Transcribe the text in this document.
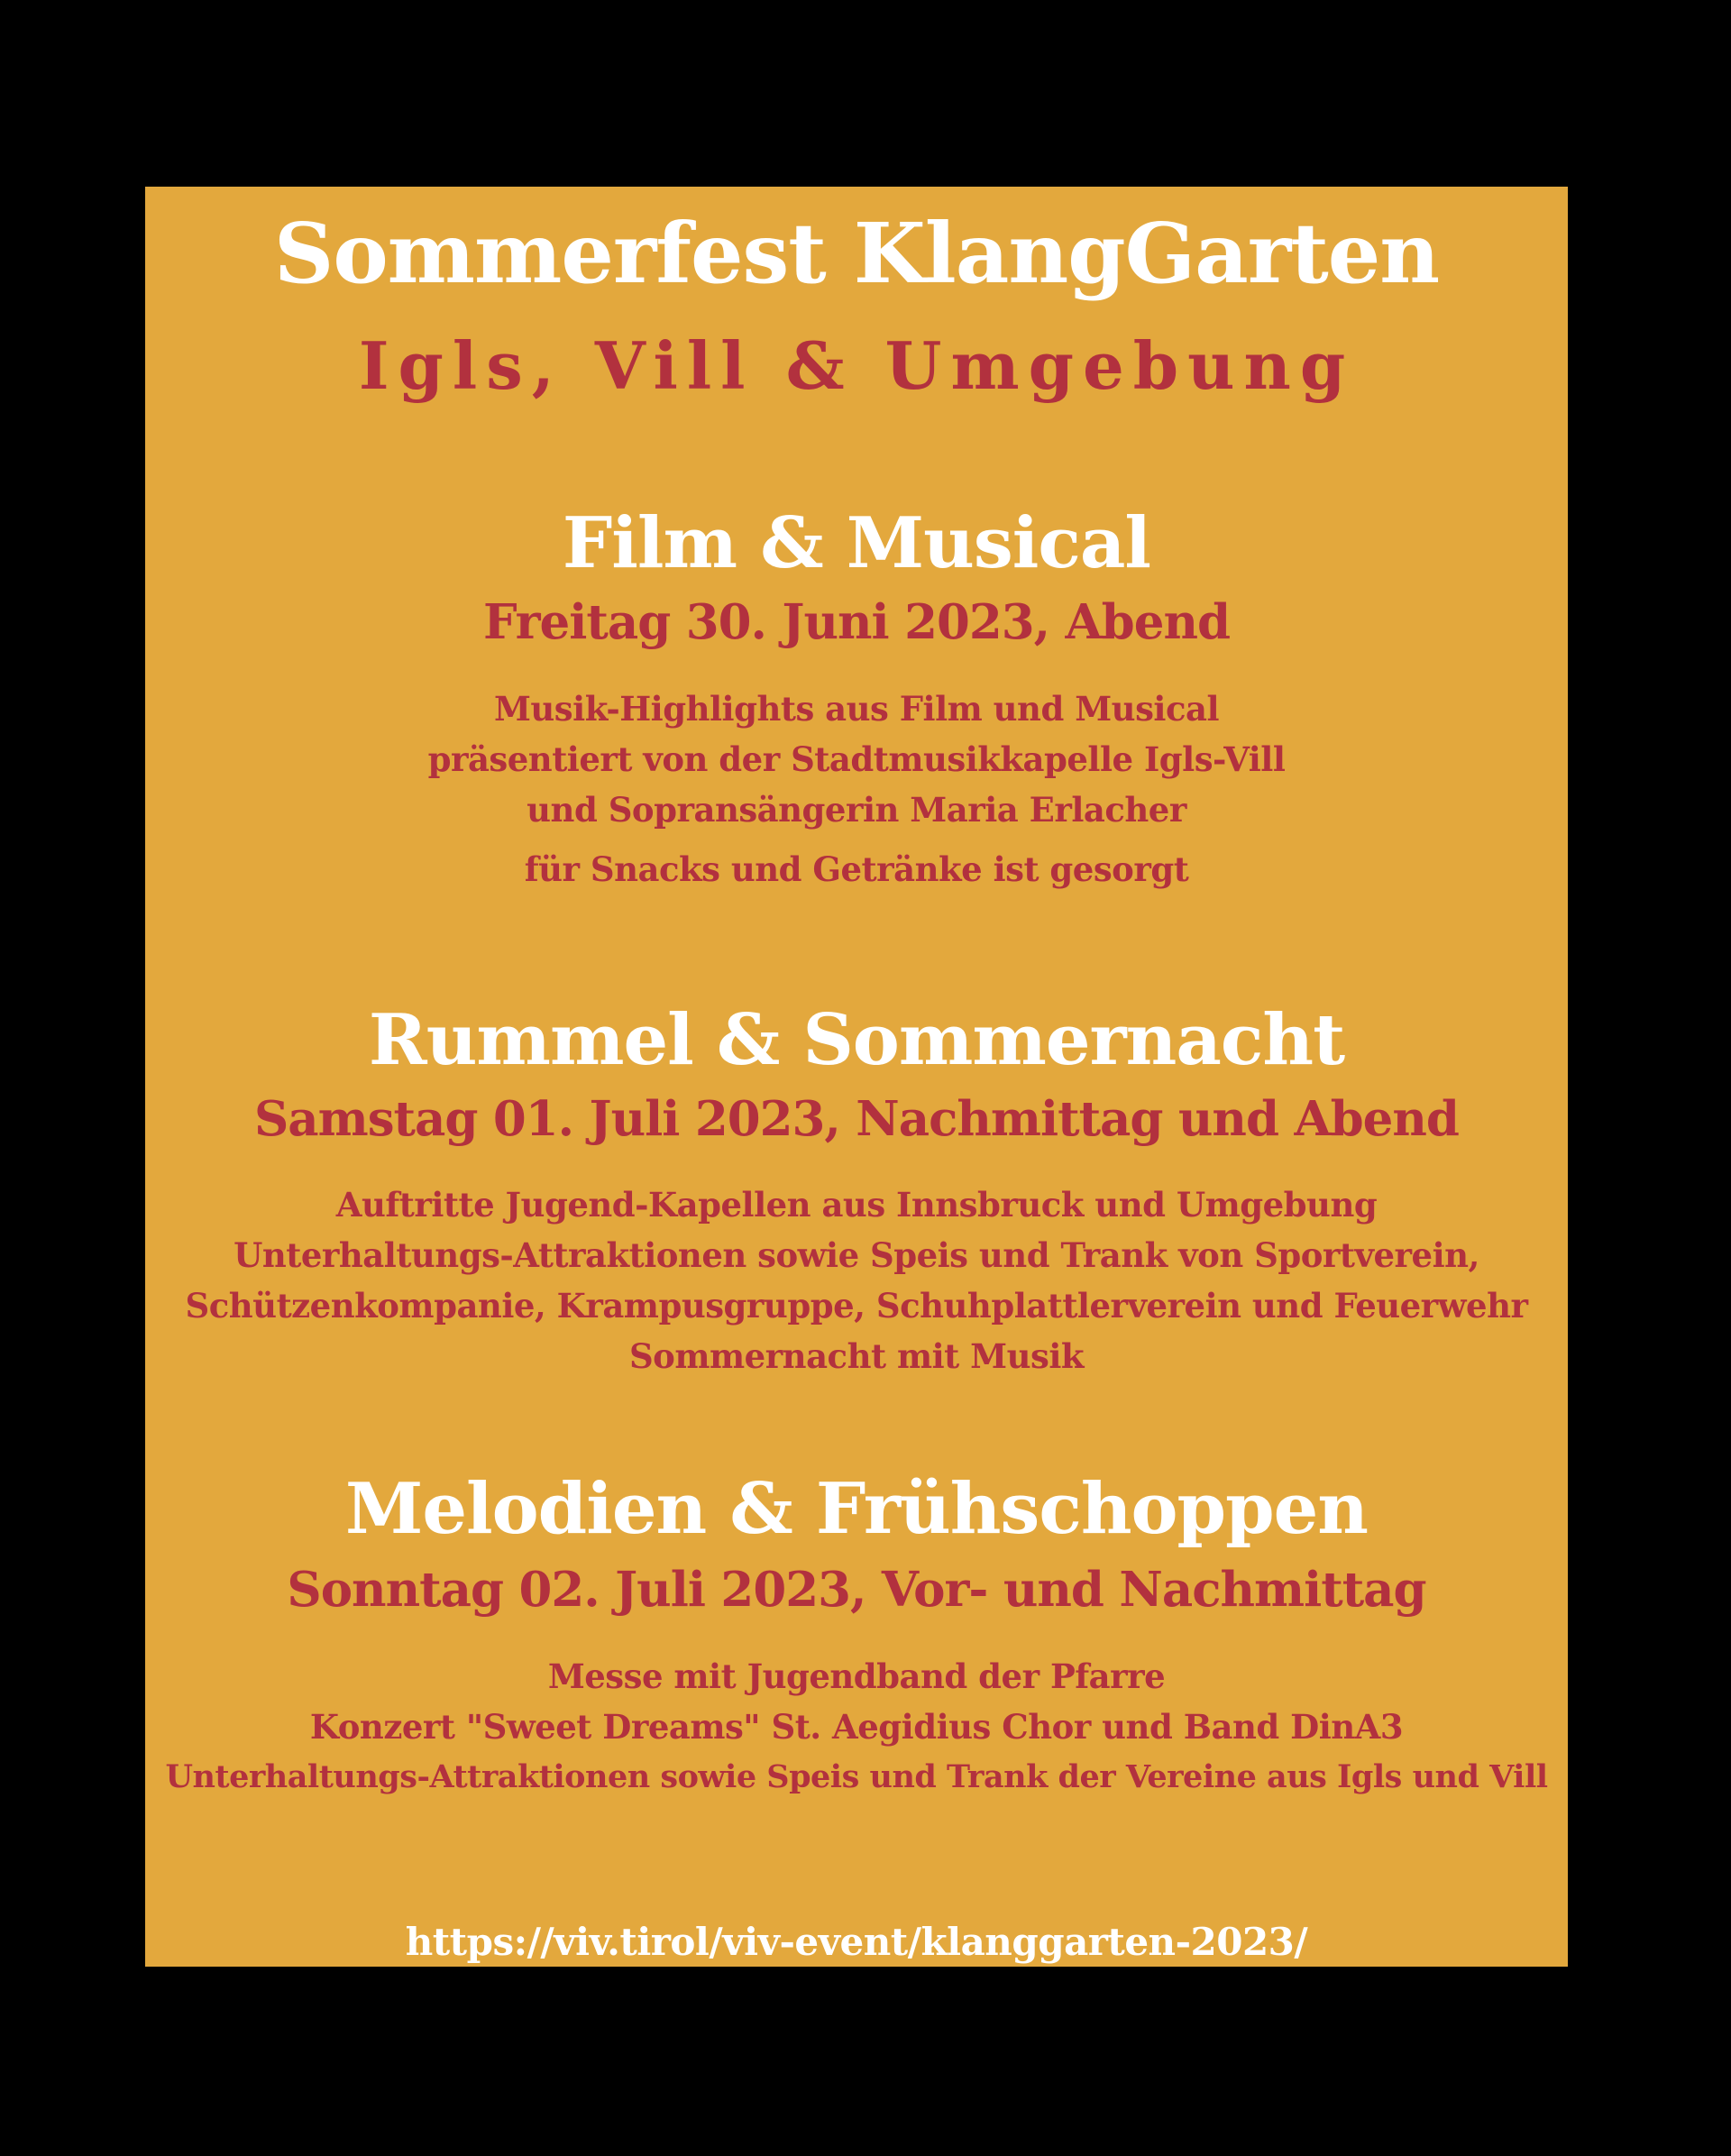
Sommerfest KlangGarten
Igls, Vill & Umgebung
Film & Musical
Freitag 30. Juni 2023, Abend
Musik-Highlights aus Film und Musical
präsentiert von der Stadtmusikkapelle Igls-Vill
und Sopransängerin Maria Erlacher
für Snacks und Getränke ist gesorgt
Rummel & Sommernacht
Samstag 01. Juli 2023, Nachmittag und Abend
Auftritte Jugend-Kapellen aus Innsbruck und Umgebung
Unterhaltungs-Attraktionen sowie Speis und Trank von Sportverein,
Schützenkompanie, Krampusgruppe, Schuhplattlerverein und Feuerwehr
Sommernacht mit Musik
Melodien & Frühschoppen
Sonntag 02. Juli 2023, Vor- und Nachmittag
Messe mit Jugendband der Pfarre
Konzert "Sweet Dreams" St. Aegidius Chor und Band DinA3
Unterhaltungs-Attraktionen sowie Speis und Trank der Vereine aus Igls und Vill
https://viv.tirol/viv-event/klanggarten-2023/
